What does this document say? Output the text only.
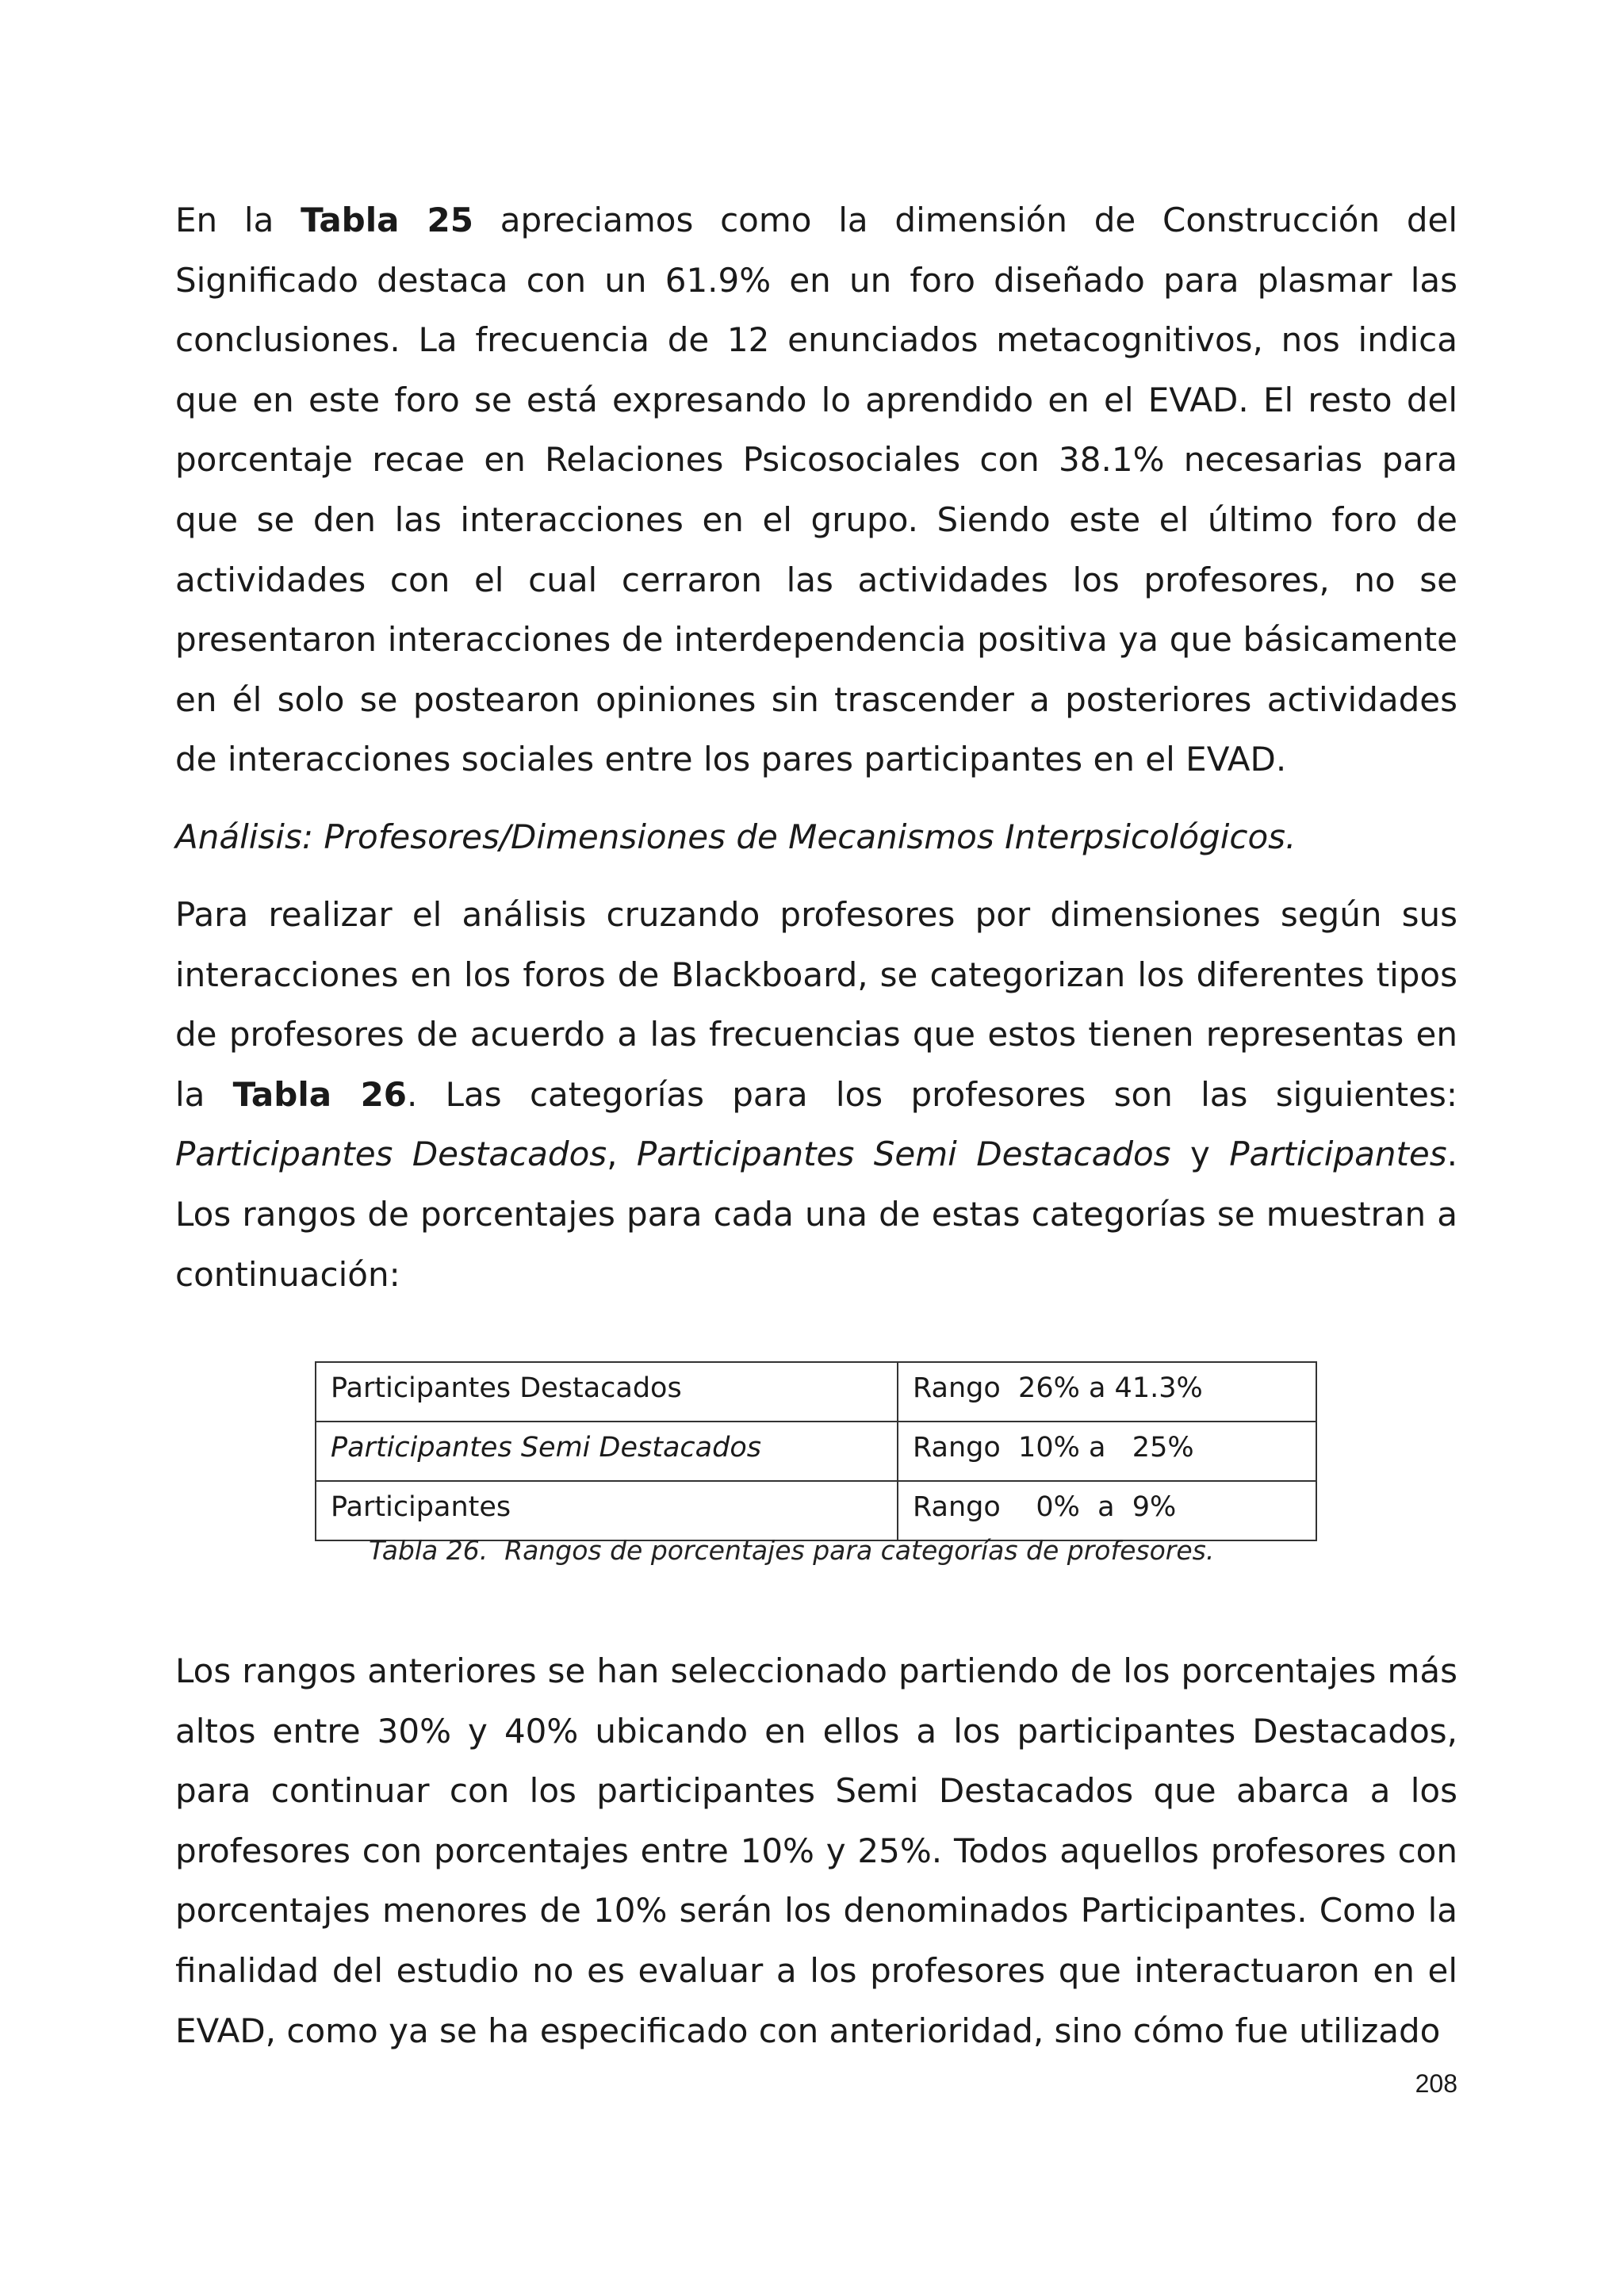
En la Tabla 25 apreciamos como la dimensión de Construcción del Significado destaca con un 61.9% en un foro diseñado para plasmar las conclusiones. La frecuencia de 12 enunciados metacognitivos, nos indica que en este foro se está expresando lo aprendido en el EVAD. El resto del porcentaje recae en Relaciones Psicosociales con 38.1% necesarias para que se den las interacciones en el grupo. Siendo este el último foro de actividades con el cual cerraron las actividades los profesores, no se presentaron interacciones de interdependencia positiva ya que básicamente en él solo se postearon opiniones sin trascender a posteriores actividades de interacciones sociales entre los pares participantes en el EVAD.

Análisis: Profesores/Dimensiones de Mecanismos Interpsicológicos.

Para realizar el análisis cruzando profesores por dimensiones según sus interacciones en los foros de Blackboard, se categorizan los diferentes tipos de profesores de acuerdo a las frecuencias que estos tienen representas en la Tabla 26. Las categorías para los profesores son las siguientes: Participantes Destacados, Participantes Semi Destacados y Participantes. Los rangos de porcentajes para cada una de estas categorías se muestran a continuación:

Participantes Destacados	Rango  26% a 41.3%
Participantes Semi Destacados	Rango  10% a   25%
Participantes	Rango    0%  a  9%
Tabla 26.  Rangos de porcentajes para categorías de profesores.

Los rangos anteriores se han seleccionado partiendo de los porcentajes más altos entre 30% y 40% ubicando en ellos a los participantes Destacados, para continuar con los participantes Semi Destacados que abarca a los profesores con porcentajes entre 10% y 25%. Todos aquellos profesores con porcentajes menores de 10% serán los denominados Participantes. Como la finalidad del estudio no es evaluar a los profesores que interactuaron en el EVAD, como ya se ha especificado con anterioridad, sino cómo fue utilizado

208
